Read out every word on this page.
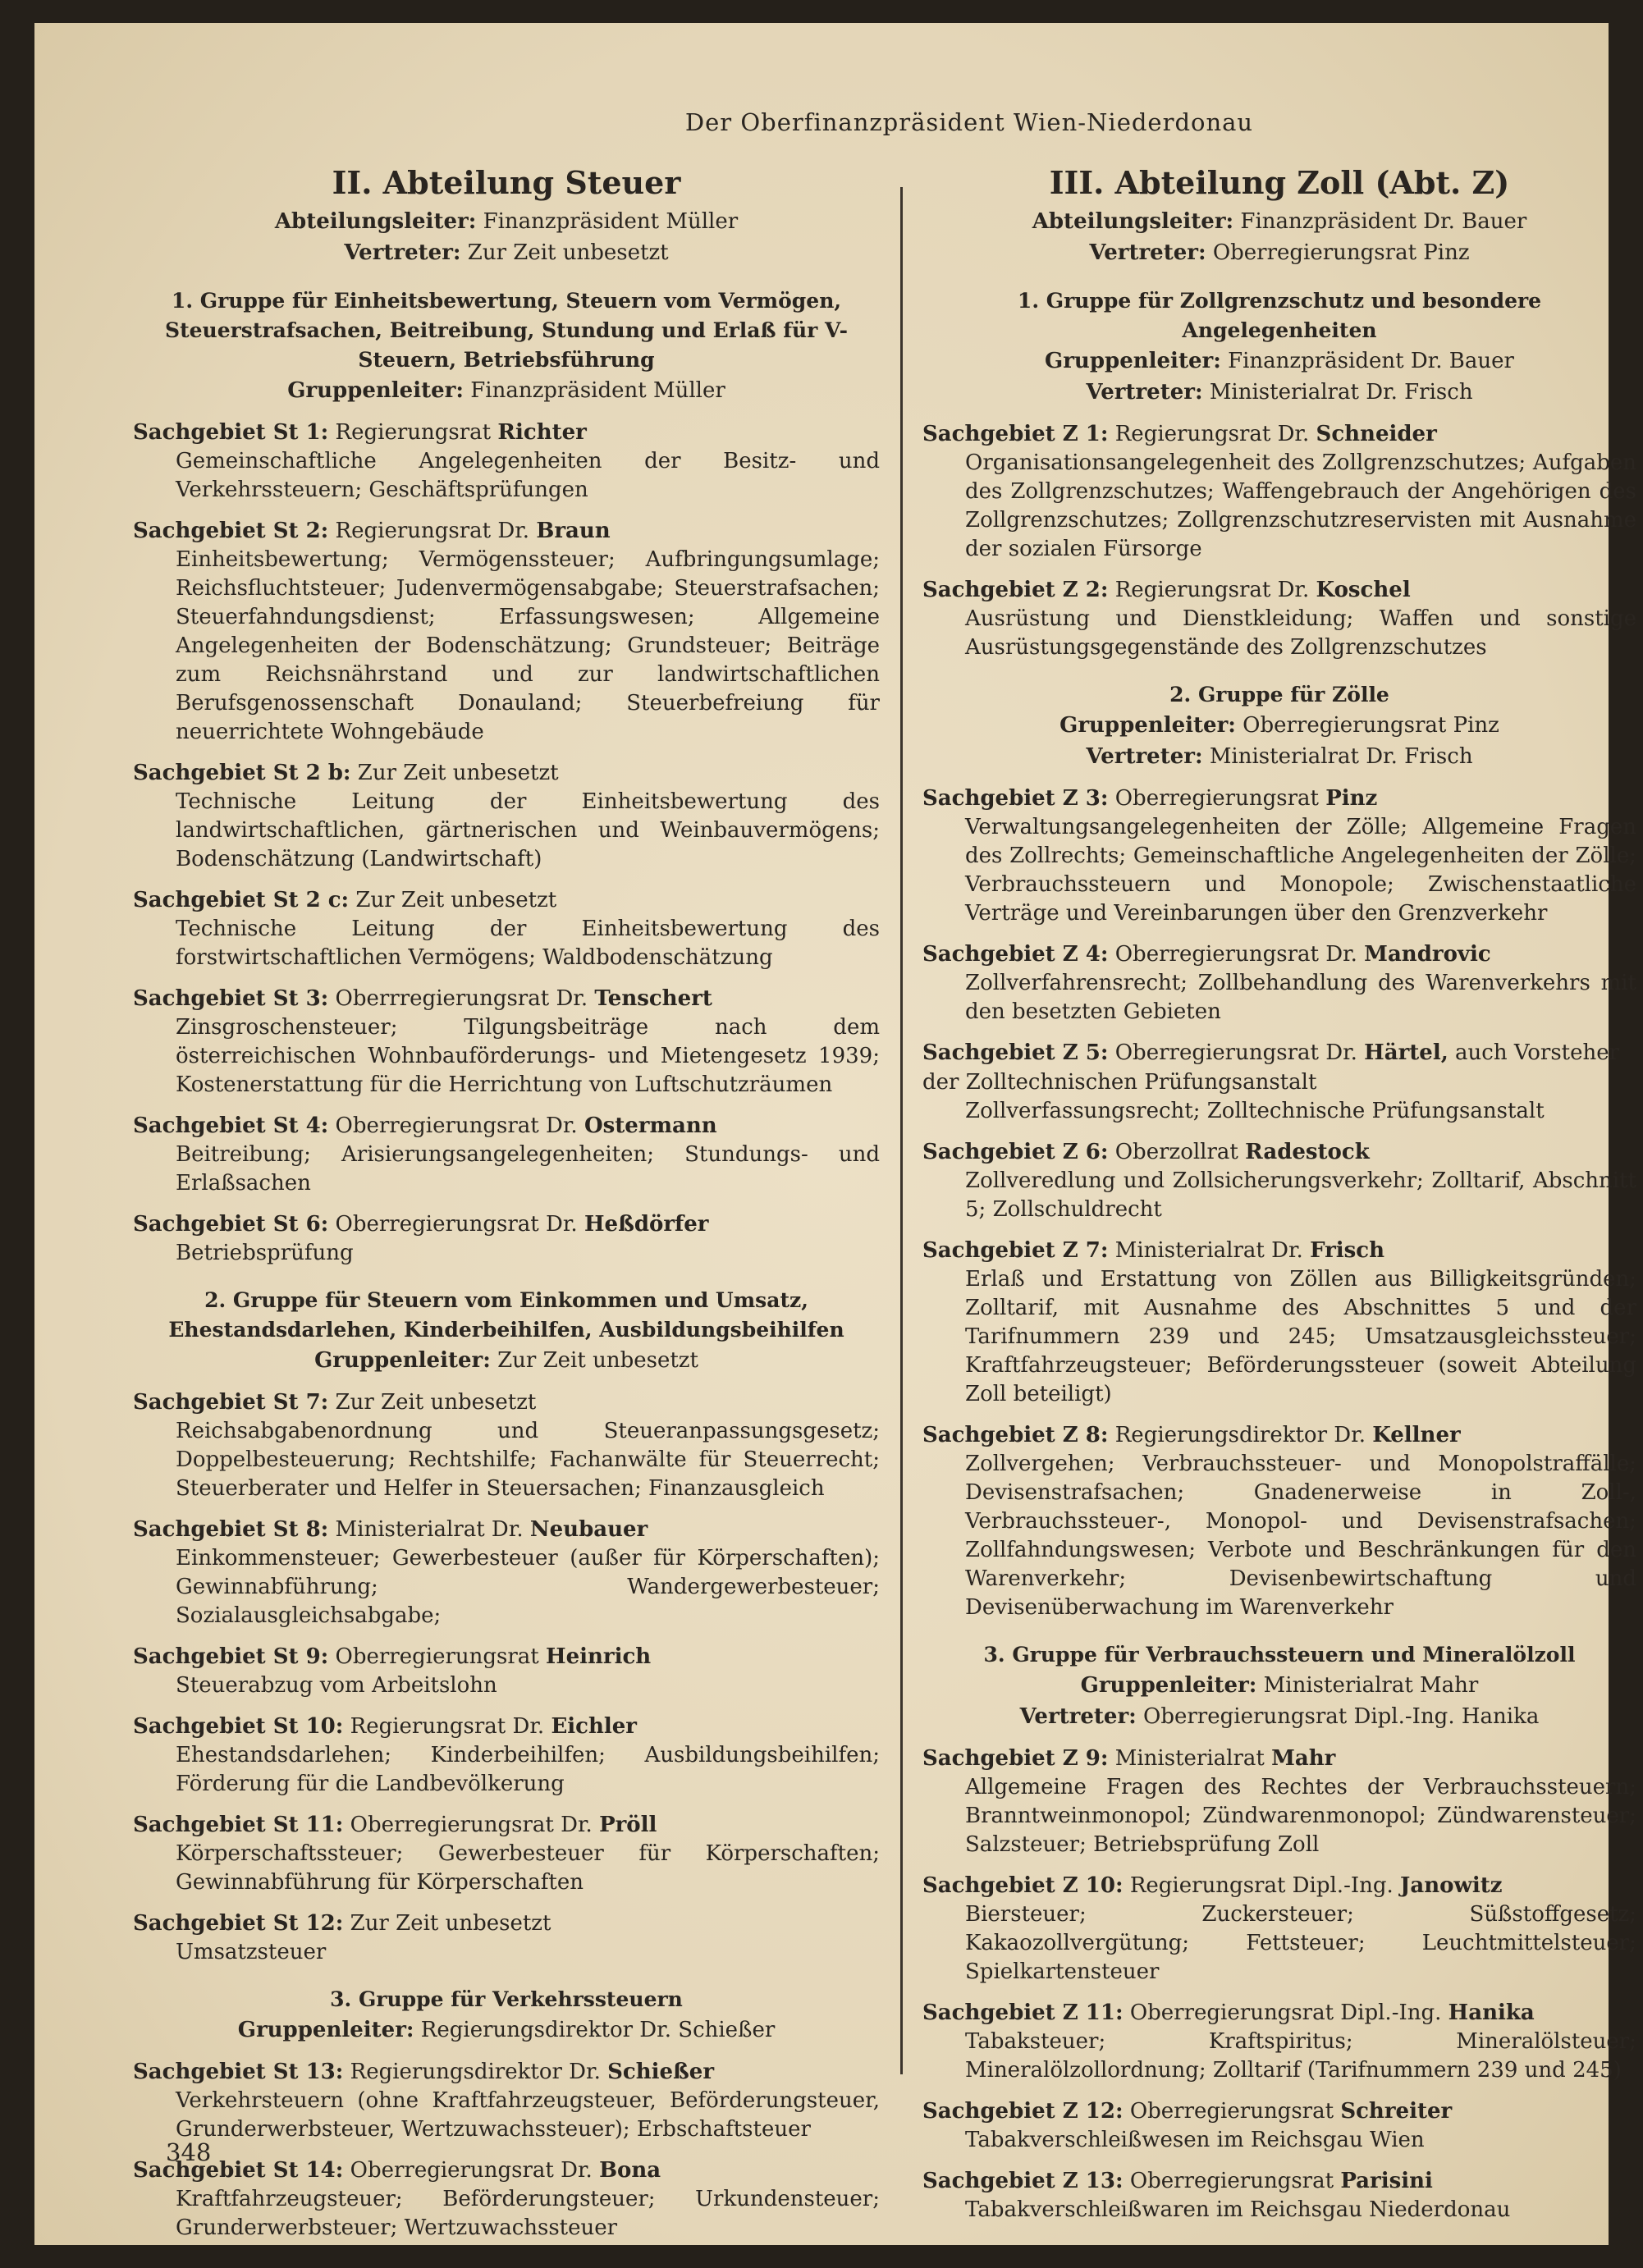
Der Oberfinanzpräsident Wien-Niederdonau
II. Abteilung Steuer
Abteilungsleiter: Finanzpräsident Müller
Vertreter: Zur Zeit unbesetzt
1. Gruppe für Einheitsbewertung, Steuern vom Vermögen, Steuerstrafsachen, Beitreibung, Stundung und Erlaß für V-Steuern, Betriebsführung
Gruppenleiter: Finanzpräsident Müller
Sachgebiet St 1: Regierungsrat Richter
Gemeinschaftliche Angelegenheiten der Besitz- und Verkehrssteuern; Geschäftsprüfungen
Sachgebiet St 2: Regierungsrat Dr. Braun
Einheitsbewertung; Vermögenssteuer; Aufbringungsumlage; Reichsfluchtsteuer; Judenvermögensabgabe; Steuerstrafsachen; Steuerfahndungsdienst; Erfassungswesen; Allgemeine Angelegenheiten der Bodenschätzung; Grundsteuer; Beiträge zum Reichsnährstand und zur landwirtschaftlichen Berufsgenossenschaft Donauland; Steuerbefreiung für neuerrichtete Wohngebäude
Sachgebiet St 2 b: Zur Zeit unbesetzt
Technische Leitung der Einheitsbewertung des landwirtschaftlichen, gärtnerischen und Weinbauvermögens; Bodenschätzung (Landwirtschaft)
Sachgebiet St 2 c: Zur Zeit unbesetzt
Technische Leitung der Einheitsbewertung des forstwirtschaftlichen Vermögens; Waldbodenschätzung
Sachgebiet St 3: Oberrregierungsrat Dr. Tenschert
Zinsgroschensteuer; Tilgungsbeiträge nach dem österreichischen Wohnbauförderungs- und Mietengesetz 1939; Kostenerstattung für die Herrichtung von Luftschutzräumen
Sachgebiet St 4: Oberregierungsrat Dr. Ostermann
Beitreibung; Arisierungsangelegenheiten; Stundungs- und Erlaßsachen
Sachgebiet St 6: Oberregierungsrat Dr. Heßdörfer
Betriebsprüfung
2. Gruppe für Steuern vom Einkommen und Umsatz, Ehestandsdarlehen, Kinderbeihilfen, Ausbildungsbeihilfen
Gruppenleiter: Zur Zeit unbesetzt
Sachgebiet St 7: Zur Zeit unbesetzt
Reichsabgabenordnung und Steueranpassungsgesetz; Doppelbesteuerung; Rechtshilfe; Fachanwälte für Steuerrecht; Steuerberater und Helfer in Steuersachen; Finanzausgleich
Sachgebiet St 8: Ministerialrat Dr. Neubauer
Einkommensteuer; Gewerbesteuer (außer für Körperschaften); Gewinnabführung; Wandergewerbesteuer; Sozialausgleichsabgabe;
Sachgebiet St 9: Oberregierungsrat Heinrich
Steuerabzug vom Arbeitslohn
Sachgebiet St 10: Regierungsrat Dr. Eichler
Ehestandsdarlehen; Kinderbeihilfen; Ausbildungsbeihilfen; Förderung für die Landbevölkerung
Sachgebiet St 11: Oberregierungsrat Dr. Pröll
Körperschaftssteuer; Gewerbesteuer für Körperschaften; Gewinnabführung für Körperschaften
Sachgebiet St 12: Zur Zeit unbesetzt
Umsatzsteuer
3. Gruppe für Verkehrssteuern
Gruppenleiter: Regierungsdirektor Dr. Schießer
Sachgebiet St 13: Regierungsdirektor Dr. Schießer
Verkehrsteuern (ohne Kraftfahrzeugsteuer, Beförderungsteuer, Grunderwerbsteuer, Wertzuwachssteuer); Erbschaftsteuer
Sachgebiet St 14: Oberregierungsrat Dr. Bona
Kraftfahrzeugsteuer; Beförderungsteuer; Urkundensteuer; Grunderwerbsteuer; Wertzuwachssteuer
III. Abteilung Zoll (Abt. Z)
Abteilungsleiter: Finanzpräsident Dr. Bauer
Vertreter: Oberregierungsrat Pinz
1. Gruppe für Zollgrenzschutz und besondere Angelegenheiten
Gruppenleiter: Finanzpräsident Dr. Bauer
Vertreter: Ministerialrat Dr. Frisch
Sachgebiet Z 1: Regierungsrat Dr. Schneider
Organisationsangelegenheit des Zollgrenzschutzes; Aufgaben des Zollgrenzschutzes; Waffengebrauch der Angehörigen des Zollgrenzschutzes; Zollgrenzschutzreservisten mit Ausnahme der sozialen Fürsorge
Sachgebiet Z 2: Regierungsrat Dr. Koschel
Ausrüstung und Dienstkleidung; Waffen und sonstige Ausrüstungsgegenstände des Zollgrenzschutzes
2. Gruppe für Zölle
Gruppenleiter: Oberregierungsrat Pinz
Vertreter: Ministerialrat Dr. Frisch
Sachgebiet Z 3: Oberregierungsrat Pinz
Verwaltungsangelegenheiten der Zölle; Allgemeine Fragen des Zollrechts; Gemeinschaftliche Angelegenheiten der Zölle; Verbrauchssteuern und Monopole; Zwischenstaatliche Verträge und Vereinbarungen über den Grenzverkehr
Sachgebiet Z 4: Oberregierungsrat Dr. Mandrovic
Zollverfahrensrecht; Zollbehandlung des Warenverkehrs mit den besetzten Gebieten
Sachgebiet Z 5: Oberregierungsrat Dr. Härtel, auch Vorsteher der Zolltechnischen Prüfungsanstalt
Zollverfassungsrecht; Zolltechnische Prüfungsanstalt
Sachgebiet Z 6: Oberzollrat Radestock
Zollveredlung und Zollsicherungsverkehr; Zolltarif, Abschnitt 5; Zollschuldrecht
Sachgebiet Z 7: Ministerialrat Dr. Frisch
Erlaß und Erstattung von Zöllen aus Billigkeitsgründen; Zolltarif, mit Ausnahme des Abschnittes 5 und der Tarifnummern 239 und 245; Umsatzausgleichssteuer; Kraftfahrzeugsteuer; Beförderungssteuer (soweit Abteilung Zoll beteiligt)
Sachgebiet Z 8: Regierungsdirektor Dr. Kellner
Zollvergehen; Verbrauchssteuer- und Monopolstraffälle; Devisenstrafsachen; Gnadenerweise in Zoll-, Verbrauchssteuer-, Monopol- und Devisenstrafsachen; Zollfahndungswesen; Verbote und Beschränkungen für den Warenverkehr; Devisenbewirtschaftung und Devisenüberwachung im Warenverkehr
3. Gruppe für Verbrauchssteuern und Mineralölzoll
Gruppenleiter: Ministerialrat Mahr
Vertreter: Oberregierungsrat Dipl.-Ing. Hanika
Sachgebiet Z 9: Ministerialrat Mahr
Allgemeine Fragen des Rechtes der Verbrauchssteuern; Branntweinmonopol; Zündwarenmonopol; Zündwarensteuer; Salzsteuer; Betriebsprüfung Zoll
Sachgebiet Z 10: Regierungsrat Dipl.-Ing. Janowitz
Biersteuer; Zuckersteuer; Süßstoffgesetz; Kakaozollvergütung; Fettsteuer; Leuchtmittelsteuer; Spielkartensteuer
Sachgebiet Z 11: Oberregierungsrat Dipl.-Ing. Hanika
Tabaksteuer; Kraftspiritus; Mineralölsteuer; Mineralölzollordnung; Zolltarif (Tarifnummern 239 und 245)
Sachgebiet Z 12: Oberregierungsrat Schreiter
Tabakverschleißwesen im Reichsgau Wien
Sachgebiet Z 13: Oberregierungsrat Parisini
Tabakverschleißwaren im Reichsgau Niederdonau
348
